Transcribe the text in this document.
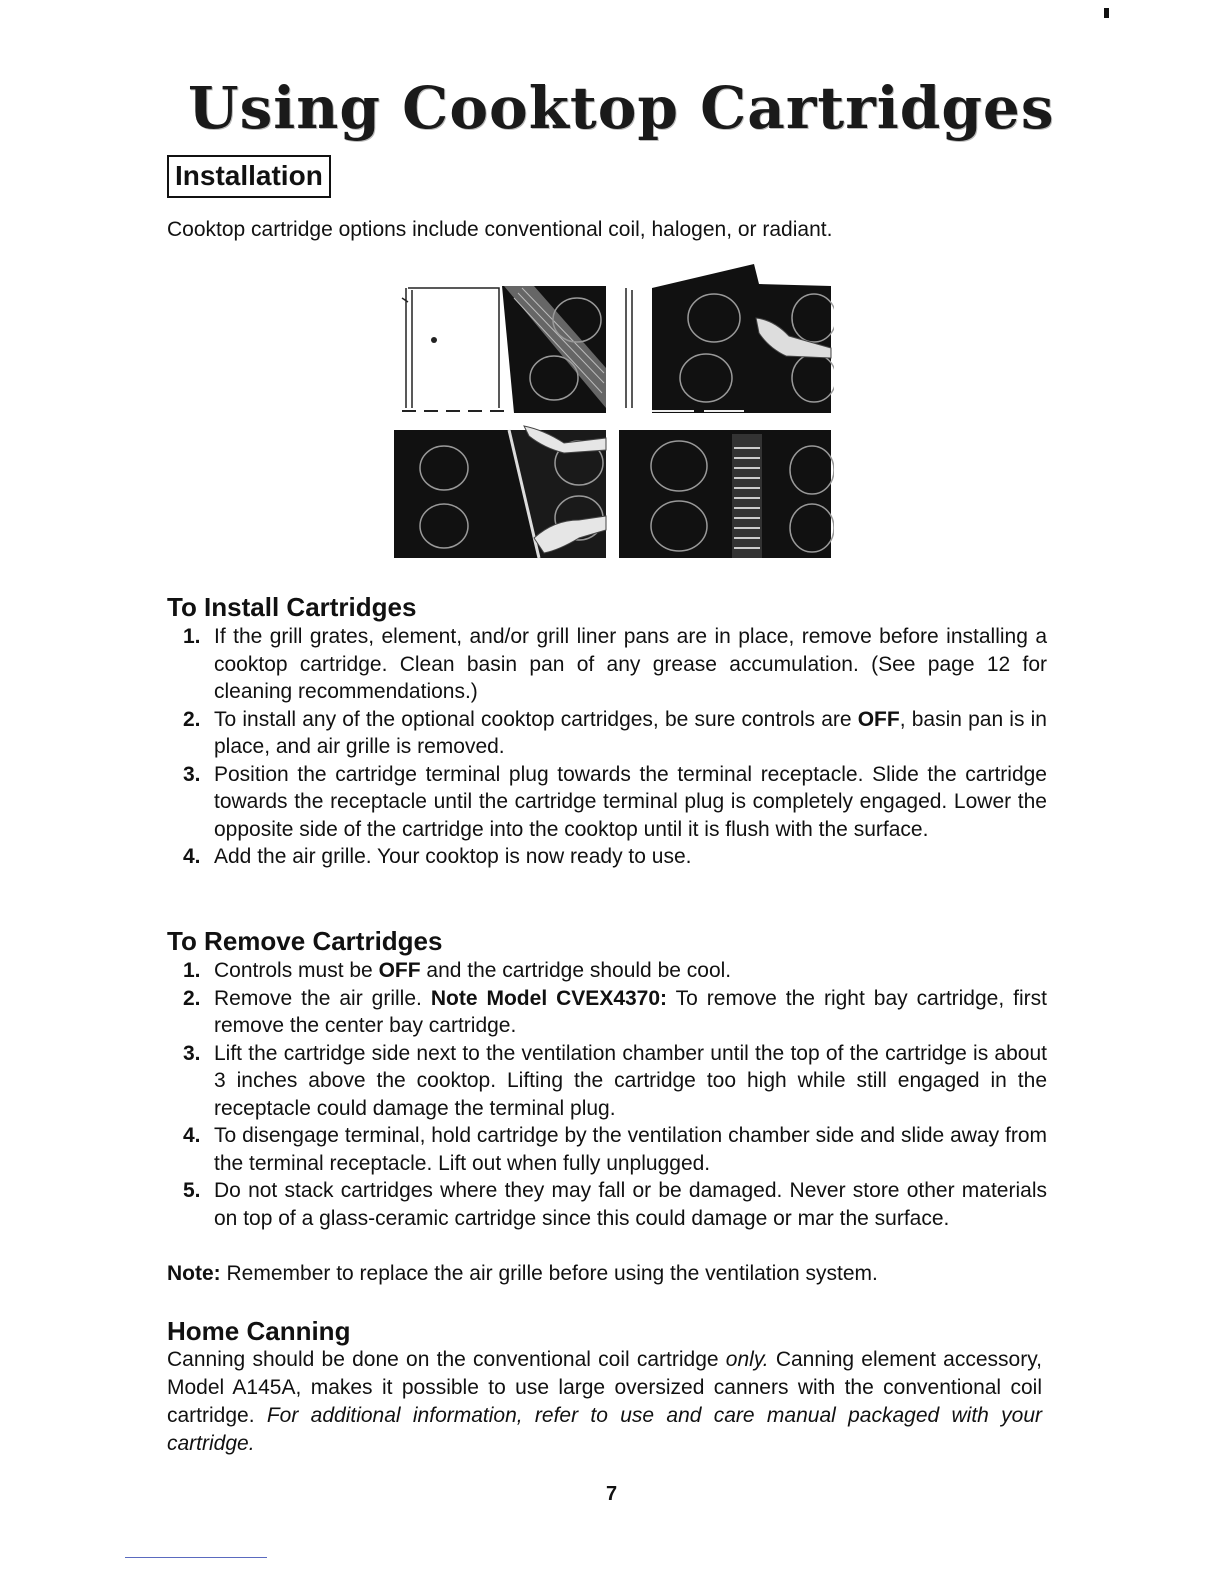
Using Cooktop Cartridges
Installation

Cooktop cartridge options include conventional coil, halogen, or radiant.

To Install Cartridges
1. If the grill grates, element, and/or grill liner pans are in place, remove before installing a cooktop cartridge. Clean basin pan of any grease accumulation. (See page 12 for cleaning recommendations.)
2. To install any of the optional cooktop cartridges, be sure controls are OFF, basin pan is in place, and air grille is removed.
3. Position the cartridge terminal plug towards the terminal receptacle. Slide the cartridge towards the receptacle until the cartridge terminal plug is completely engaged. Lower the opposite side of the cartridge into the cooktop until it is flush with the surface.
4. Add the air grille. Your cooktop is now ready to use.
To Remove Cartridges
1. Controls must be OFF and the cartridge should be cool.
2. Remove the air grille. Note Model CVEX4370: To remove the right bay cartridge, first remove the center bay cartridge.
3. Lift the cartridge side next to the ventilation chamber until the top of the cartridge is about 3 inches above the cooktop. Lifting the cartridge too high while still engaged in the receptacle could damage the terminal plug.
4. To disengage terminal, hold cartridge by the ventilation chamber side and slide away from the terminal receptacle. Lift out when fully unplugged.
5. Do not stack cartridges where they may fall or be damaged. Never store other materials on top of a glass-ceramic cartridge since this could damage or mar the surface.

Note: Remember to replace the air grille before using the ventilation system.

Home Canning

Canning should be done on the conventional coil cartridge only. Canning element accessory, Model A145A, makes it possible to use large oversized canners with the conventional coil cartridge. For additional information, refer to use and care manual packaged with your cartridge.

7
